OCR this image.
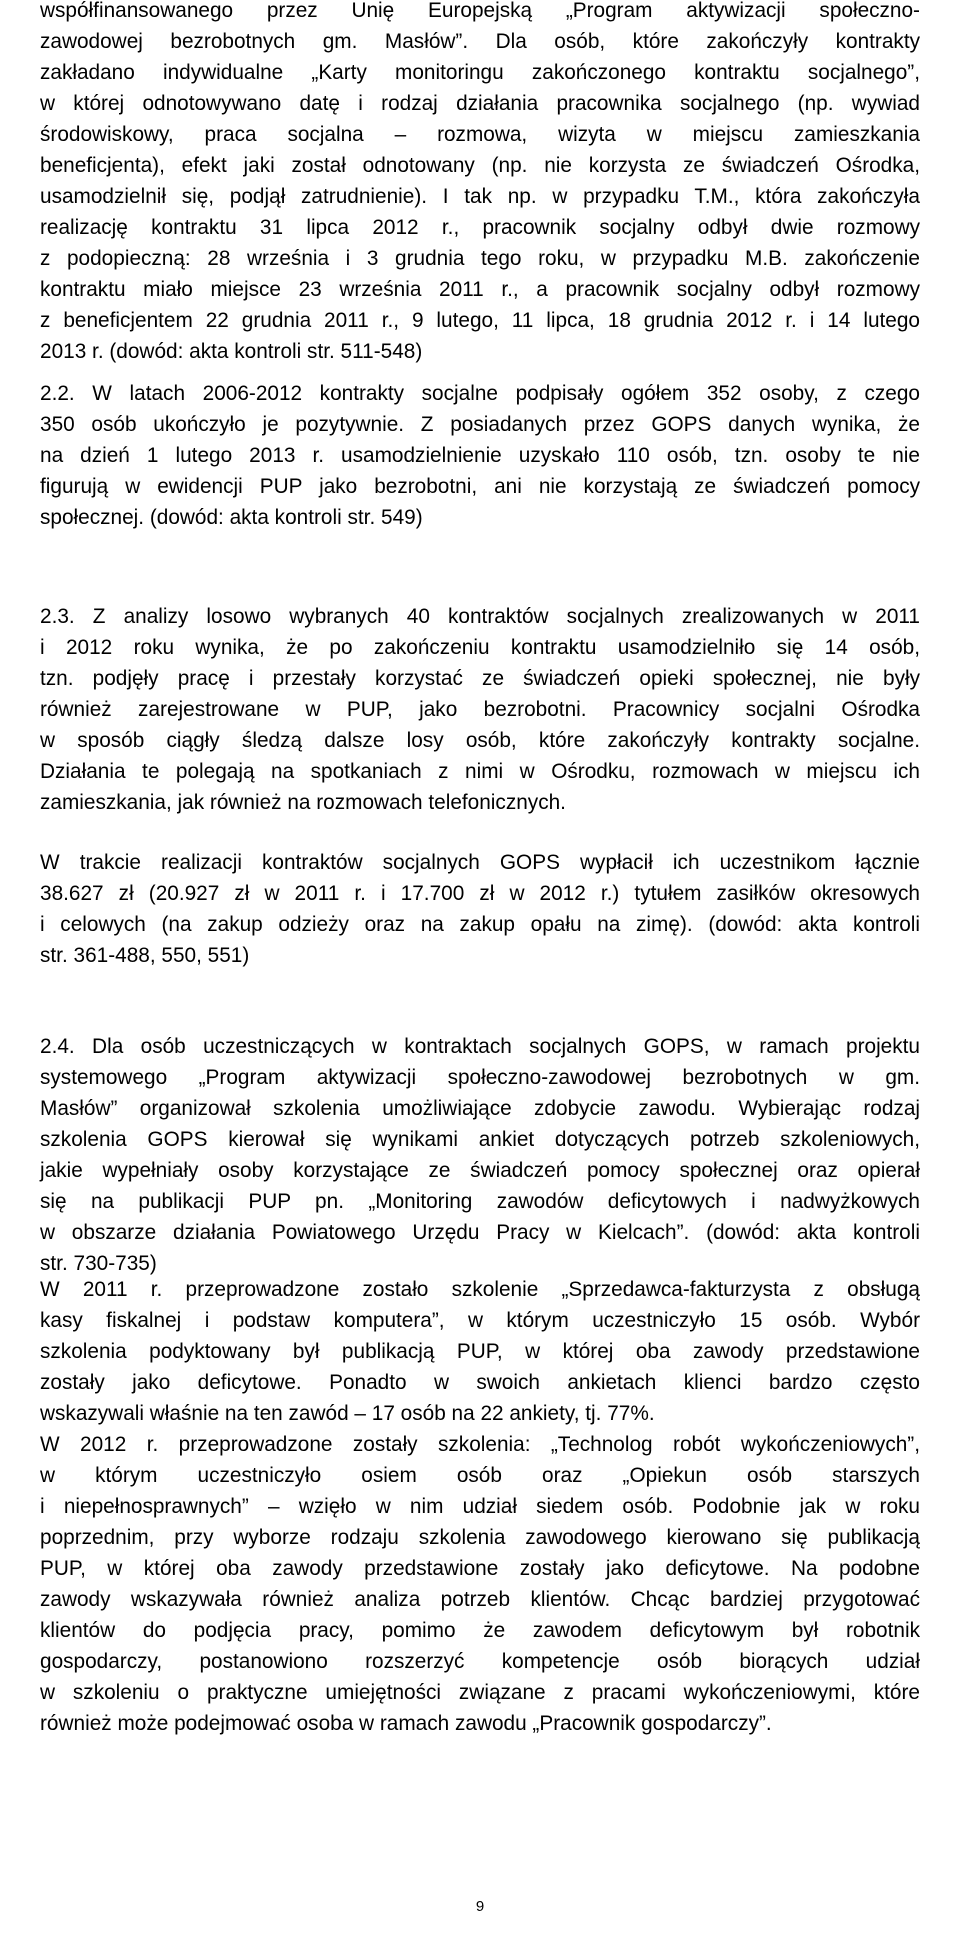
współfinansowanego przez Unię Europejską „Program aktywizacji społeczno-
zawodowej bezrobotnych gm. Masłów”. Dla osób, które zakończyły kontrakty
zakładano indywidualne „Karty monitoringu zakończonego kontraktu socjalnego”,
w której odnotowywano datę i rodzaj działania pracownika socjalnego (np. wywiad
środowiskowy, praca socjalna – rozmowa, wizyta w miejscu zamieszkania
beneficjenta), efekt jaki został odnotowany (np. nie korzysta ze świadczeń Ośrodka,
usamodzielnił się, podjął zatrudnienie). I tak np. w przypadku T.M., która zakończyła
realizację kontraktu 31 lipca 2012 r., pracownik socjalny odbył dwie rozmowy
z podopieczną: 28 września i 3 grudnia tego roku, w przypadku M.B. zakończenie
kontraktu miało miejsce 23 września 2011 r., a pracownik socjalny odbył rozmowy
z beneficjentem 22 grudnia 2011 r., 9 lutego, 11 lipca, 18 grudnia 2012 r. i 14 lutego
2013 r. (dowód: akta kontroli str. 511-548)
2.2. W latach 2006-2012 kontrakty socjalne podpisały ogółem 352 osoby, z czego
350 osób ukończyło je pozytywnie. Z posiadanych przez GOPS danych wynika, że
na dzień 1 lutego 2013 r. usamodzielnienie uzyskało 110 osób, tzn. osoby te nie
figurują w ewidencji PUP jako bezrobotni, ani nie korzystają ze świadczeń pomocy
społecznej. (dowód: akta kontroli str. 549)
2.3. Z analizy losowo wybranych 40 kontraktów socjalnych zrealizowanych w 2011
i 2012 roku wynika, że po zakończeniu kontraktu usamodzielniło się 14 osób,
tzn. podjęły pracę i przestały korzystać ze świadczeń opieki społecznej, nie były
również zarejestrowane w PUP, jako bezrobotni. Pracownicy socjalni Ośrodka
w sposób ciągły śledzą dalsze losy osób, które zakończyły kontrakty socjalne.
Działania te polegają na spotkaniach z nimi w Ośrodku, rozmowach w miejscu ich
zamieszkania, jak również na rozmowach telefonicznych.
W trakcie realizacji kontraktów socjalnych GOPS wypłacił ich uczestnikom łącznie
38.627 zł (20.927 zł w 2011 r. i 17.700 zł w 2012 r.) tytułem zasiłków okresowych
i celowych (na zakup odzieży oraz na zakup opału na zimę). (dowód: akta kontroli
str. 361-488, 550, 551)
2.4. Dla osób uczestniczących w kontraktach socjalnych GOPS, w ramach projektu
systemowego „Program aktywizacji społeczno-zawodowej bezrobotnych w gm.
Masłów” organizował szkolenia umożliwiające zdobycie zawodu. Wybierając rodzaj
szkolenia GOPS kierował się wynikami ankiet dotyczących potrzeb szkoleniowych,
jakie wypełniały osoby korzystające ze świadczeń pomocy społecznej oraz opierał
się na publikacji PUP pn. „Monitoring zawodów deficytowych i nadwyżkowych
w obszarze działania Powiatowego Urzędu Pracy w Kielcach”. (dowód: akta kontroli
str. 730-735)
W 2011 r. przeprowadzone zostało szkolenie „Sprzedawca-fakturzysta z obsługą
kasy fiskalnej i podstaw komputera”, w którym uczestniczyło 15 osób. Wybór
szkolenia podyktowany był publikacją PUP, w której oba zawody przedstawione
zostały jako deficytowe. Ponadto w swoich ankietach klienci bardzo często
wskazywali właśnie na ten zawód – 17 osób na 22 ankiety, tj. 77%.
W 2012 r. przeprowadzone zostały szkolenia: „Technolog robót wykończeniowych”,
w którym uczestniczyło osiem osób oraz „Opiekun osób starszych
i niepełnosprawnych” – wzięło w nim udział siedem osób. Podobnie jak w roku
poprzednim, przy wyborze rodzaju szkolenia zawodowego kierowano się publikacją
PUP, w której oba zawody przedstawione zostały jako deficytowe. Na podobne
zawody wskazywała również analiza potrzeb klientów. Chcąc bardziej przygotować
klientów do podjęcia pracy, pomimo że zawodem deficytowym był robotnik
gospodarczy, postanowiono rozszerzyć kompetencje osób biorących udział
w szkoleniu o praktyczne umiejętności związane z pracami wykończeniowymi, które
również może podejmować osoba w ramach zawodu „Pracownik gospodarczy”.
9
